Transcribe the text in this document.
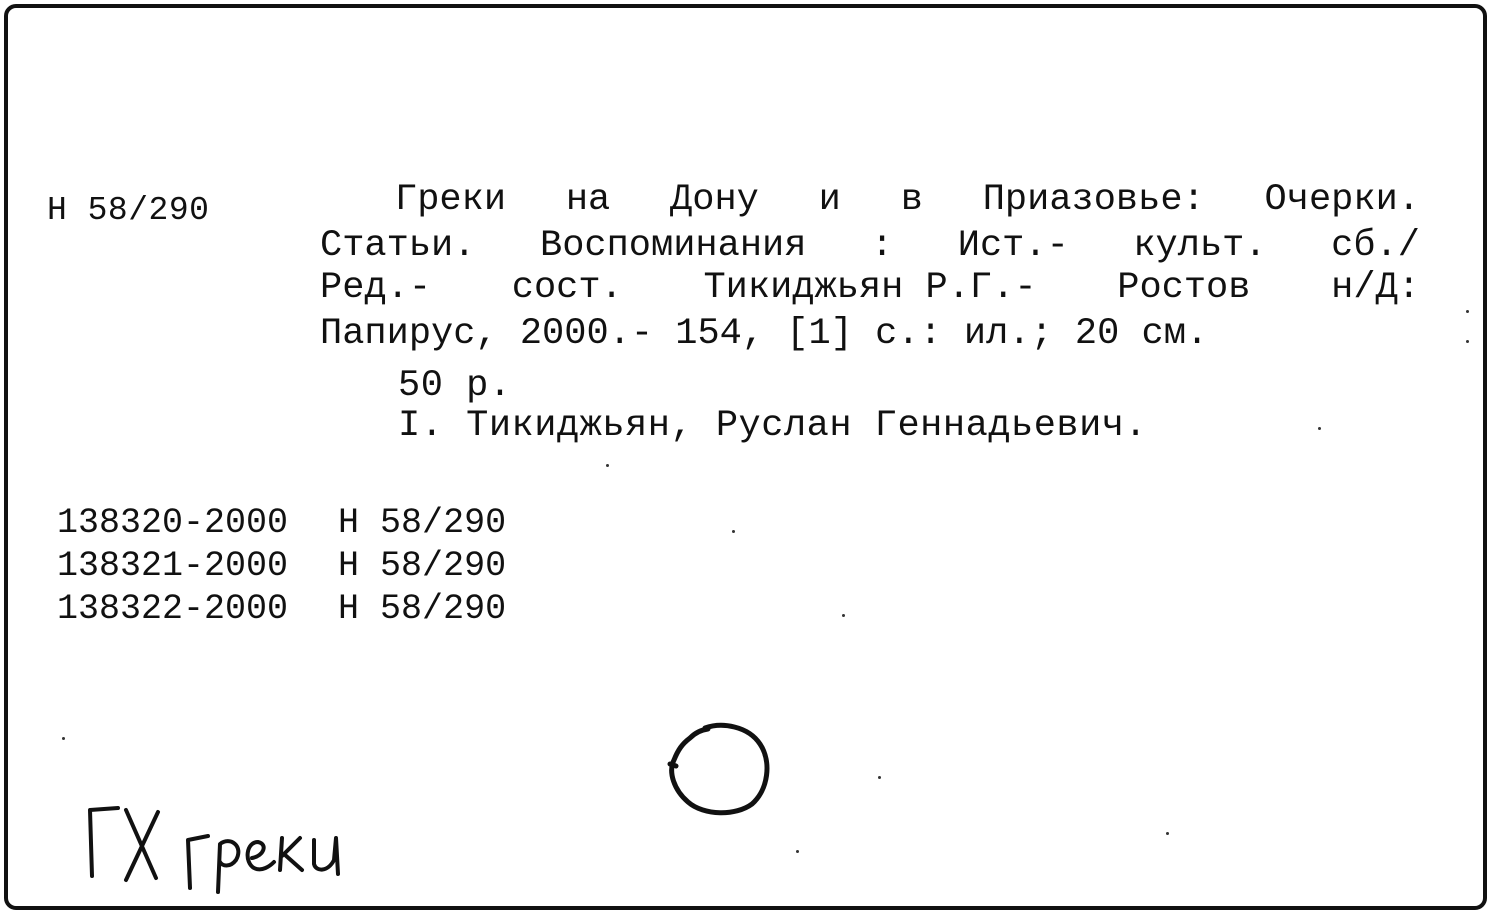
Н 58/290	Греки на Дону и в Приазовье: Очерки.
Статьи. Воспоминания : Ист.- культ. сб./
Ред.- сост. Тикиджьян Р.Г.- Ростов н/Д:
Папирус, 2000.- 154, [1] с.: ил.; 20 см.
50 р.
I. Тикиджьян, Руслан Геннадьевич.
138320-2000 Н 58/290
138321-2000 Н 58/290
138322-2000 Н 58/290
